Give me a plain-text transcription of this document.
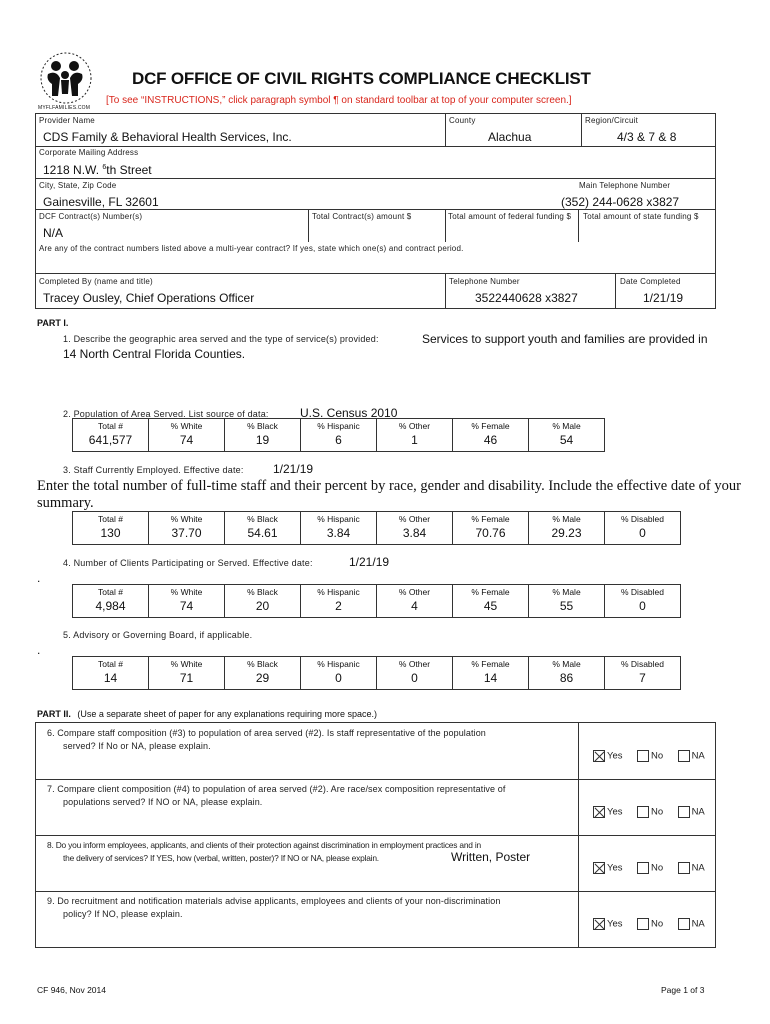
MYFLFAMILIES.COM
DCF OFFICE OF CIVIL RIGHTS COMPLIANCE CHECKLIST
[To see “INSTRUCTIONS,” click paragraph symbol ¶ on standard toolbar at top of your computer screen.]
Provider Name
CDS Family & Behavioral Health Services, Inc.
County
Alachua
Region/Circuit
4/3 & 7 & 8
Corporate Mailing Address
1218 N.W. $^6$th Street
City, State, Zip Code	Main Telephone Number
Gainesville, FL 32601	(352) 244-0628 x3827
DCF Contract(s) Number(s)	Total Contract(s) amount $	Total amount of federal funding $ Total amount of state funding $
N/A
Are any of the contract numbers listed above a multi-year contract? If yes, state which one(s) and contract period.
Completed By (name and title)	Telephone Number	Date Completed
Tracey Ousley, Chief Operations Officer	3522440628 x3827	1/21/19
PART I.
1. Describe the geographic area served and the type of service(s) provided:	Services to support youth and families are provided in
14 North Central Florida Counties.
2. Population of Area Served. List source of data:	U.S. Census 2010
Total #	% White	% Black	% Hispanic	% Other	% Female	% Male
641,577	74	19	6	1	46	54
3. Staff Currently Employed. Effective date: 1/21/19
Enter the total number of full-time staff and their percent by race, gender and disability. Include the effective date of your summary.
Total #	% White	% Black	% Hispanic	% Other	% Female	% Male	% Disabled
130	37.70	54.61	3.84	3.84	70.76	29.23	0
4. Number of Clients Participating or Served. Effective date:	1/21/19
.
Total #	% White	% Black	% Hispanic	% Other	% Female	% Male	% Disabled
4,984	74	20	2	4	45	55	0
5. Advisory or Governing Board, if applicable.
.
Total #	% White	% Black	% Hispanic	% Other	% Female	% Male	% Disabled
14	71	29	0	0	14	86	7
PART II. (Use a separate sheet of paper for any explanations requiring more space.)
6. Compare staff composition (#3) to population of area served (#2). Is staff representative of the population
served? If No or NA, please explain.
Yes	No	NA
7. Compare client composition (#4) to population of area served (#2). Are race/sex composition representative of
populations served? If NO or NA, please explain.
Yes	No	NA
8. Do you inform employees, applicants, and clients of their protection against discrimination in employment practices and in
the delivery of services? If YES, how (verbal, written, poster)? If NO or NA, please explain.	Written, Poster
Yes	No	NA
9. Do recruitment and notification materials advise applicants, employees and clients of your non-discrimination
policy? If NO, please explain.
Yes	No	NA
CF 946, Nov 2014	Page 1 of 3
